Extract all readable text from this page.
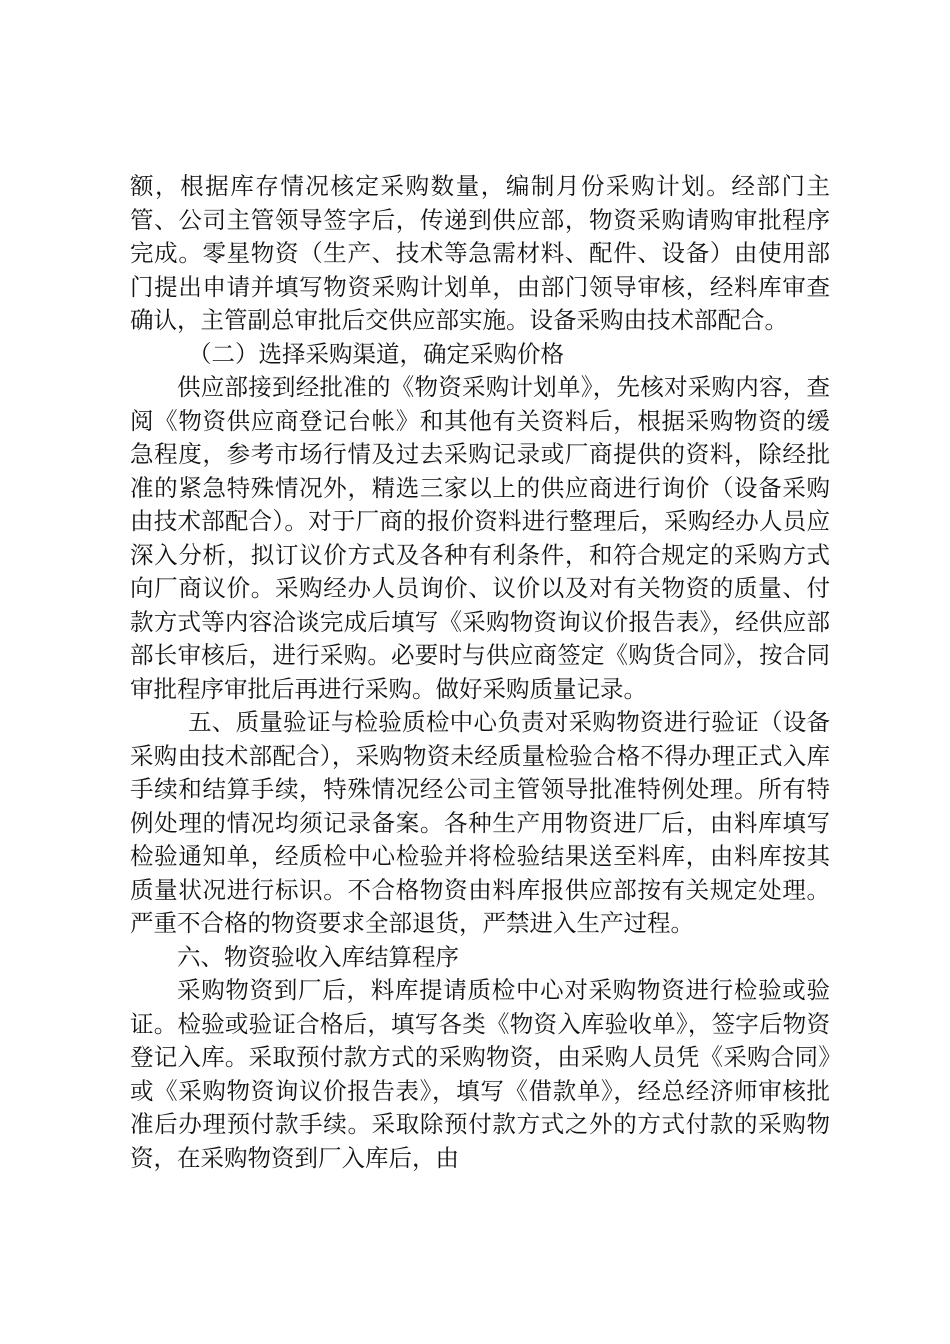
额，根据库存情况核定采购数量，编制月份采购计划。经部门主管、公司主管领导签字后，传递到供应部，物资采购请购审批程序完成。零星物资（生产、技术等急需材料、配件、设备）由使用部门提出申请并填写物资采购计划单，由部门领导审核，经料库审查确认，主管副总审批后交供应部实施。设备采购由技术部配合。

（二）选择采购渠道，确定采购价格

供应部接到经批准的《物资采购计划单》，先核对采购内容，查阅《物资供应商登记台帐》和其他有关资料后，根据采购物资的缓急程度，参考市场行情及过去采购记录或厂商提供的资料，除经批准的紧急特殊情况外，精选三家以上的供应商进行询价（设备采购由技术部配合）。对于厂商的报价资料进行整理后，采购经办人员应深入分析，拟订议价方式及各种有利条件，和符合规定的采购方式向厂商议价。采购经办人员询价、议价以及对有关物资的质量、付款方式等内容洽谈完成后填写《采购物资询议价报告表》，经供应部部长审核后，进行采购。必要时与供应商签定《购货合同》，按合同审批程序审批后再进行采购。做好采购质量记录。

五、质量验证与检验质检中心负责对采购物资进行验证（设备采购由技术部配合），采购物资未经质量检验合格不得办理正式入库手续和结算手续，特殊情况经公司主管领导批准特例处理。所有特例处理的情况均须记录备案。各种生产用物资进厂后，由料库填写检验通知单，经质检中心检验并将检验结果送至料库，由料库按其质量状况进行标识。不合格物资由料库报供应部按有关规定处理。严重不合格的物资要求全部退货，严禁进入生产过程。

六、物资验收入库结算程序

采购物资到厂后，料库提请质检中心对采购物资进行检验或验证。检验或验证合格后，填写各类《物资入库验收单》，签字后物资登记入库。采取预付款方式的采购物资，由采购人员凭《采购合同》或《采购物资询议价报告表》，填写《借款单》，经总经济师审核批准后办理预付款手续。采取除预付款方式之外的方式付款的采购物资，在采购物资到厂入库后，由
